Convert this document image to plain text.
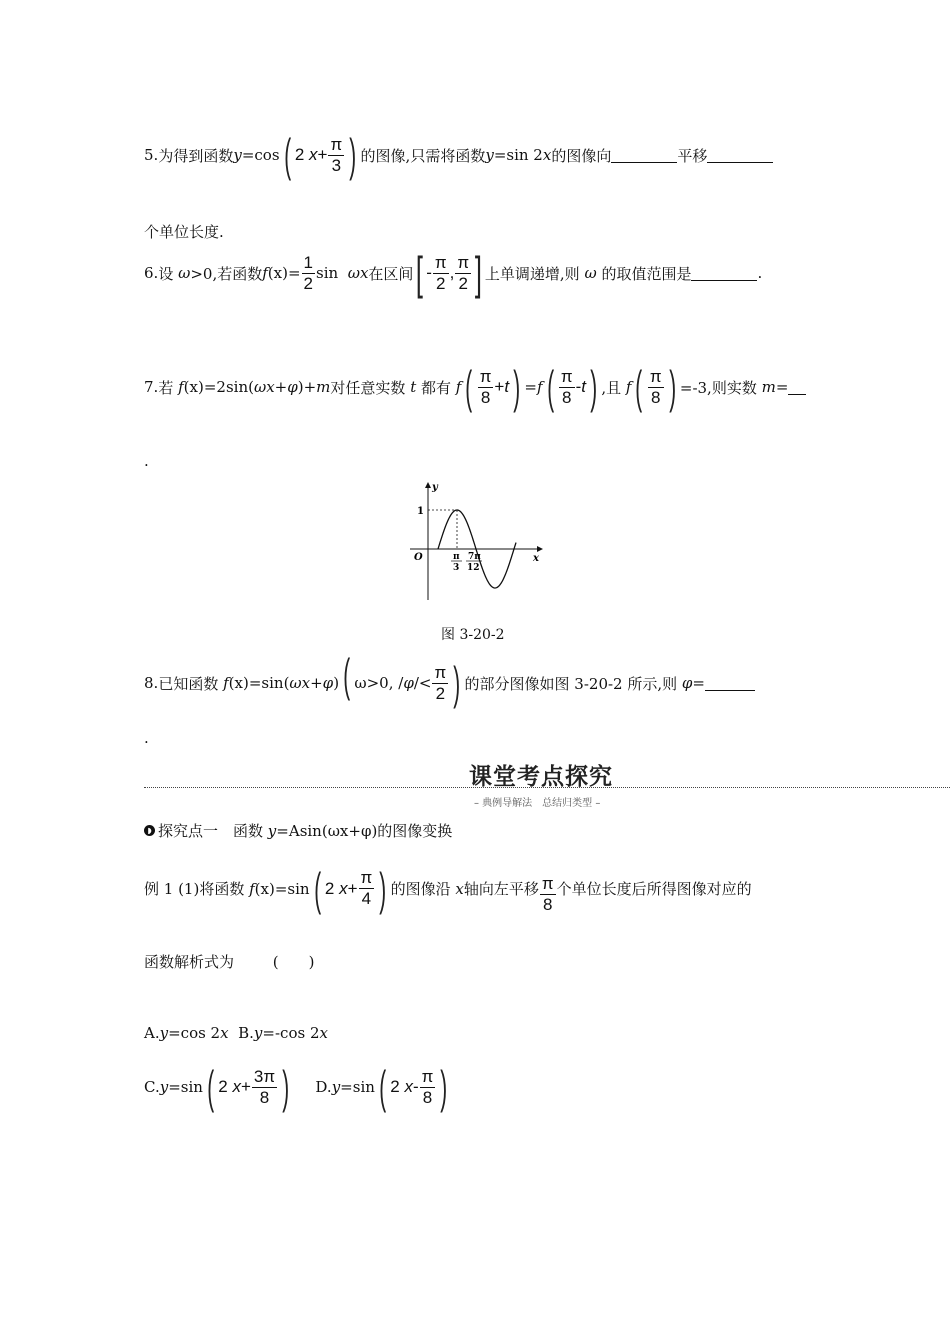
5. 为得到函数 y =cos ( 2
$x + \frac{\pi}{3}$ ) 的图像,只需将函数 y =sin 2 x 的图像向	平移
个单位长度.
6. 设
ω >0,若函数 f $(x) = \frac{1}{2}$ sin
ω x 在区间 [ - $\frac{\pi}{2}$ , $\frac{\pi}{2}$ ] 上单调递增,则
ω
的取值范围是	.
7. 若
f (x) =2sin( ωx+φ )+ m 对任意实数
t
都有
f ( $\frac{\pi}{8} + t$ ) = f ( $\frac{\pi}{8}$ - t ) ,且
f ( $\frac{\pi}{8}$ ) =-3,则实数
m =
.
y
x
O
1
π
3
7π
12
图 3-20-2
8. 已知函数
f (x) =sin( ωx+φ ) ( ω>0, / $\varphi /< \frac{\pi}{2}$ ) 的部分图像如图 3-20-2 所示,则
φ=
.
课堂考点探究
– 典例导解法　总结归类型 –
◗ 探究点一　函数
y =A sin(ωx+φ)的图像变换
例 1 (1)将函数
f (x) =sin ( 2
$x + \frac{\pi}{4}$ ) 的图像沿
x 轴向左平移 $\frac{\pi}{8}$ 个单位长度后所得图像对应的
函数解析式为	(　　)
A.y=cos 2x
B.y=-cos 2x
C. y =sin ( 2
$x + \frac{3\pi}{8}$ ) D. y =sin ( 2
x - $\frac{\pi}{8}$ )
